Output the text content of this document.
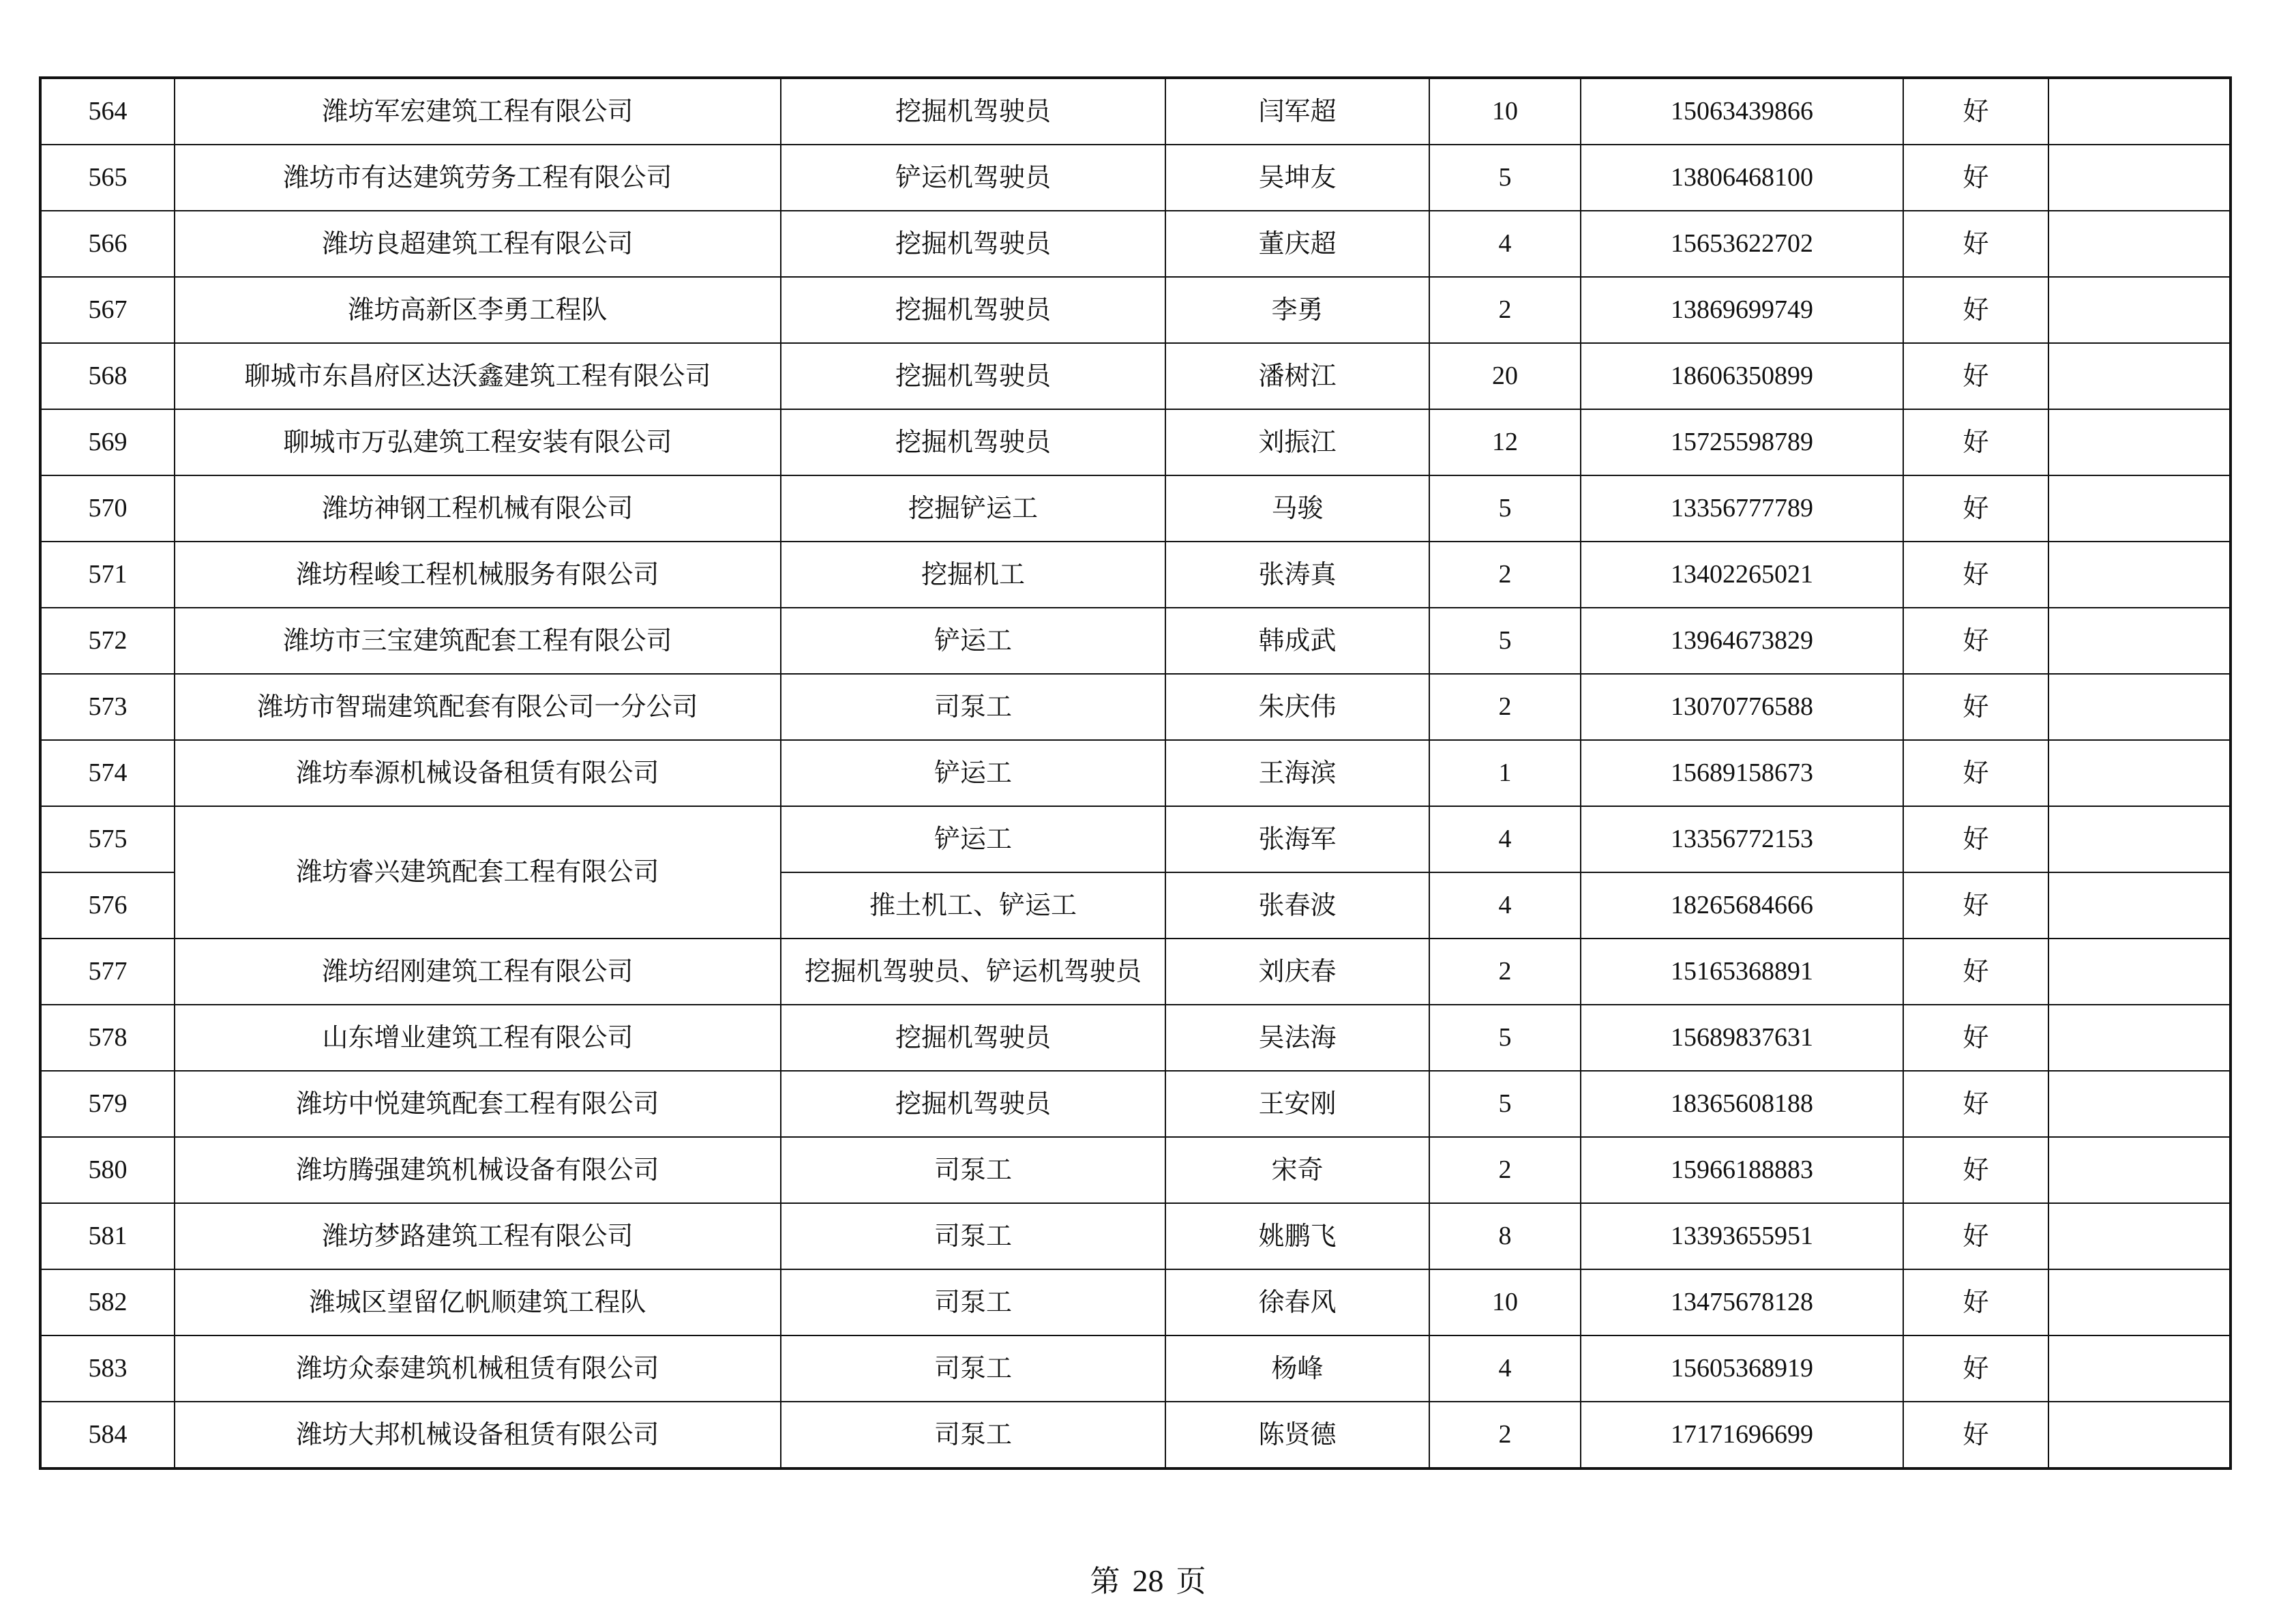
564	潍坊军宏建筑工程有限公司	挖掘机驾驶员	闫军超	10	15063439866	好	
565	潍坊市有达建筑劳务工程有限公司	铲运机驾驶员	吴坤友	5	13806468100	好	
566	潍坊良超建筑工程有限公司	挖掘机驾驶员	董庆超	4	15653622702	好	
567	潍坊高新区李勇工程队	挖掘机驾驶员	李勇	2	13869699749	好	
568	聊城市东昌府区达沃鑫建筑工程有限公司	挖掘机驾驶员	潘树江	20	18606350899	好	
569	聊城市万弘建筑工程安装有限公司	挖掘机驾驶员	刘振江	12	15725598789	好	
570	潍坊神钢工程机械有限公司	挖掘铲运工	马骏	5	13356777789	好	
571	潍坊程峻工程机械服务有限公司	挖掘机工	张涛真	2	13402265021	好	
572	潍坊市三宝建筑配套工程有限公司	铲运工	韩成武	5	13964673829	好	
573	潍坊市智瑞建筑配套有限公司一分公司	司泵工	朱庆伟	2	13070776588	好	
574	潍坊奉源机械设备租赁有限公司	铲运工	王海滨	1	15689158673	好	
575	潍坊睿兴建筑配套工程有限公司	铲运工	张海军	4	13356772153	好	
576		推土机工、铲运工	张春波	4	18265684666	好	
577	潍坊绍刚建筑工程有限公司	挖掘机驾驶员、铲运机驾驶员	刘庆春	2	15165368891	好	
578	山东增业建筑工程有限公司	挖掘机驾驶员	吴法海	5	15689837631	好	
579	潍坊中悦建筑配套工程有限公司	挖掘机驾驶员	王安刚	5	18365608188	好	
580	潍坊腾强建筑机械设备有限公司	司泵工	宋奇	2	15966188883	好	
581	潍坊梦路建筑工程有限公司	司泵工	姚鹏飞	8	13393655951	好	
582	潍城区望留亿帆顺建筑工程队	司泵工	徐春风	10	13475678128	好	
583	潍坊众泰建筑机械租赁有限公司	司泵工	杨峰	4	15605368919	好	
584	潍坊大邦机械设备租赁有限公司	司泵工	陈贤德	2	17171696699	好	
第 28 页
